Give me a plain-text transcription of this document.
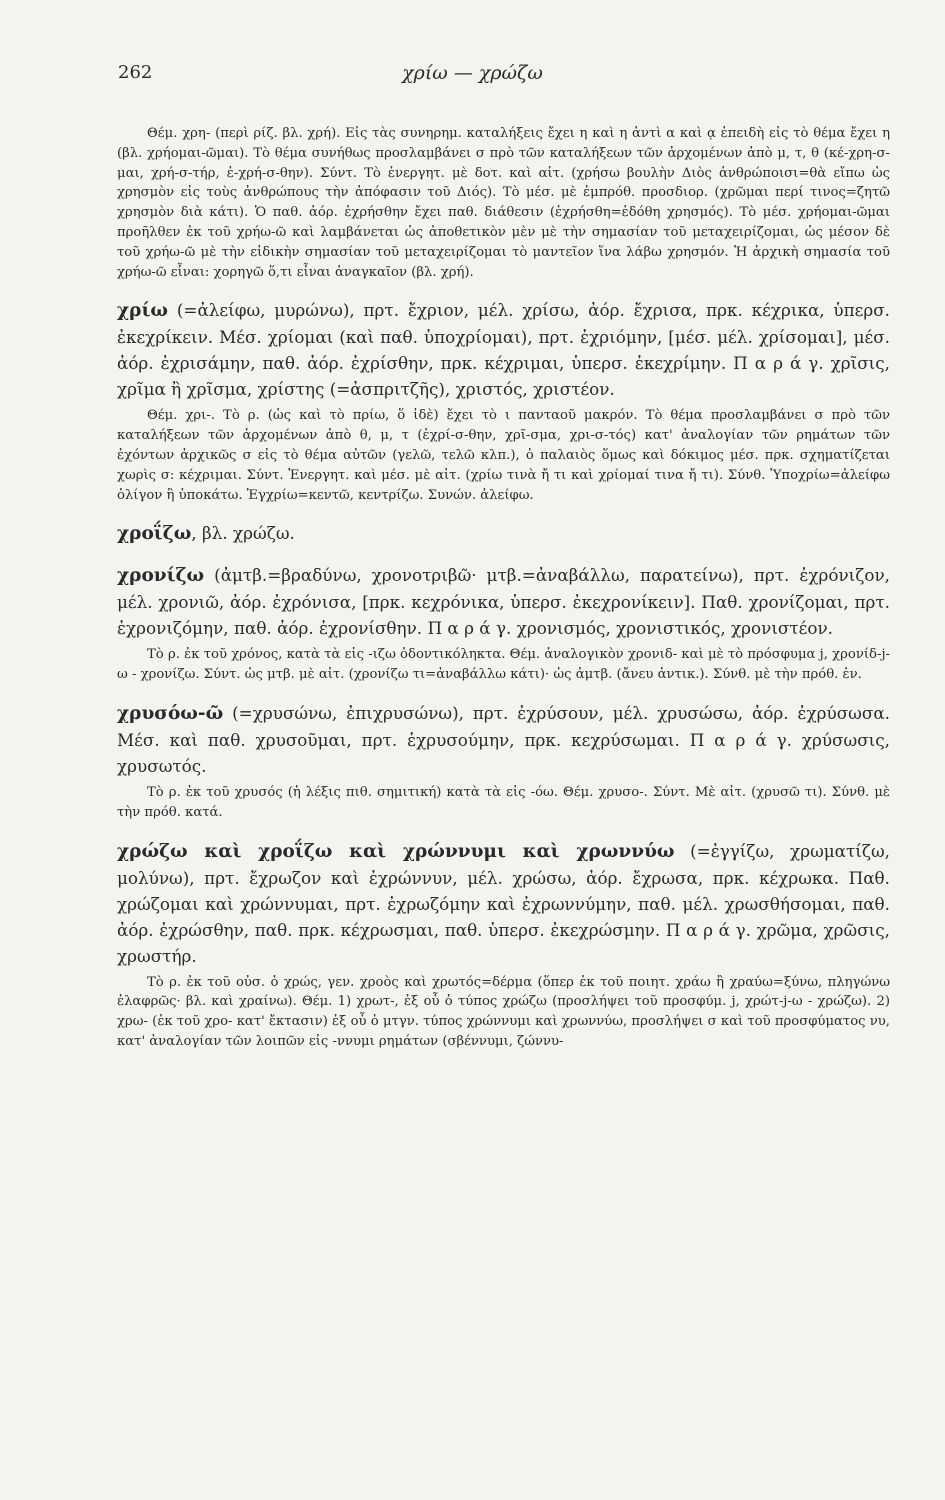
262	χρίω — χρώζω

Θέμ. χρη- (περὶ ρίζ. βλ. χρή). Εἰς τὰς συνηρημ. καταλήξεις ἔχει η καὶ η ἀντὶ α καὶ ᾳ ἐπειδὴ εἰς τὸ θέμα ἔχει η (βλ. χρήομαι-ῶμαι). Τὸ θέμα συνήθως προσλαμβάνει σ πρὸ τῶν καταλήξεων τῶν ἀρχομένων ἀπὸ μ, τ, θ (κέ-χρη-σ-μαι, χρή-σ-τήρ, ἐ-χρή-σ-θην). Σύντ. Τὸ ἐνεργητ. μὲ δοτ. καὶ αἰτ. (χρήσω βουλὴν Διὸς ἀνθρώποισι=θὰ εἴπω ὡς χρησμὸν εἰς τοὺς ἀνθρώπους τὴν ἀπόφασιν τοῦ Διός). Τὸ μέσ. μὲ ἐμπρόθ. προσδιορ. (χρῶμαι περί τινος=ζητῶ χρησμὸν διὰ κάτι). Ὁ παθ. ἀόρ. ἐχρήσθην ἔχει παθ. διάθεσιν (ἐχρήσθη=ἐδόθη χρησμός). Τὸ μέσ. χρήομαι-ῶμαι προῆλθεν ἐκ τοῦ χρήω-ῶ καὶ λαμβάνεται ὡς ἀποθετικὸν μὲν μὲ τὴν σημασίαν τοῦ μεταχειρίζομαι, ὡς μέσον δὲ τοῦ χρήω-ῶ μὲ τὴν εἰδικὴν σημασίαν τοῦ μεταχειρίζομαι τὸ μαντεῖον ἵνα λάβω χρησμόν. Ἡ ἀρχικὴ σημασία τοῦ χρήω-ῶ εἶναι: χορηγῶ ὅ,τι εἶναι ἀναγκαῖον (βλ. χρή).

χρίω (=ἀλείφω, μυρώνω), πρτ. ἔχριον, μέλ. χρίσω, ἀόρ. ἔχρισα, πρκ. κέχρικα, ὑπερσ. ἐκεχρίκειν. Μέσ. χρίομαι (καὶ παθ. ὑποχρίομαι), πρτ. ἐχριόμην, [μέσ. μέλ. χρίσομαι], μέσ. ἀόρ. ἐχρισάμην, παθ. ἀόρ. ἐχρίσθην, πρκ. κέχριμαι, ὑπερσ. ἐκεχρίμην. Π α ρ ά γ. χρῖσις, χρῖμα ἢ χρῖσμα, χρίστης (=ἀσπριτζῆς), χριστός, χριστέον.

Θέμ. χρι-. Τὸ ρ. (ὡς καὶ τὸ πρίω, ὅ ἰδὲ) ἔχει τὸ ι πανταοῦ μακρόν. Τὸ θέμα προσλαμβάνει σ πρὸ τῶν καταλήξεων τῶν ἀρχομένων ἀπὸ θ, μ, τ (ἐχρί-σ-θην, χρῖ-σμα, χρι-σ-τός) κατ' ἀναλογίαν τῶν ρημάτων τῶν ἐχόντων ἀρχικῶς σ εἰς τὸ θέμα αὐτῶν (γελῶ, τελῶ κλπ.), ὁ παλαιὸς ὅμως καὶ δόκιμος μέσ. πρκ. σχηματίζεται χωρὶς σ: κέχριμαι. Σύντ. Ἐνεργητ. καὶ μέσ. μὲ αἰτ. (χρίω τινὰ ἤ τι καὶ χρίομαί τινα ἤ τι). Σύνθ. Ὑποχρίω=ἀλείφω ὀλίγον ἢ ὑποκάτω. Ἐγχρίω=κεντῶ, κεντρίζω. Συνών. ἀλείφω.

χροΐζω, βλ. χρώζω.

χρονίζω (ἀμτβ.=βραδύνω, χρονοτριβῶ· μτβ.=ἀναβάλλω, παρατείνω), πρτ. ἐχρόνιζον, μέλ. χρονιῶ, ἀόρ. ἐχρόνισα, [πρκ. κεχρόνικα, ὑπερσ. ἐκεχρονίκειν]. Παθ. χρονίζομαι, πρτ. ἐχρονιζόμην, παθ. ἀόρ. ἐχρονίσθην. Π α ρ ά γ. χρονισμός, χρονιστικός, χρονιστέον.

Τὸ ρ. ἐκ τοῦ χρόνος, κατὰ τὰ εἰς -ιζω ὀδοντικόληκτα. Θέμ. ἀναλογικὸν χρονιδ- καὶ μὲ τὸ πρόσφυμα j, χρονίδ-j-ω - χρονίζω. Σύντ. ὡς μτβ. μὲ αἰτ. (χρονίζω τι=ἀναβάλλω κάτι)· ὡς ἀμτβ. (ἄνευ ἀντικ.). Σύνθ. μὲ τὴν πρόθ. ἐν.

χρυσόω-ῶ (=χρυσώνω, ἐπιχρυσώνω), πρτ. ἐχρύσουν, μέλ. χρυσώσω, ἀόρ. ἐχρύσωσα. Μέσ. καὶ παθ. χρυσοῦμαι, πρτ. ἐχρυσούμην, πρκ. κεχρύσωμαι. Π α ρ ά γ. χρύσωσις, χρυσωτός.

Τὸ ρ. ἐκ τοῦ χρυσός (ἡ λέξις πιθ. σημιτική) κατὰ τὰ εἰς -όω. Θέμ. χρυσο-. Σύντ. Μὲ αἰτ. (χρυσῶ τι). Σύνθ. μὲ τὴν πρόθ. κατά.

χρώζω καὶ χροΐζω καὶ χρώννυμι καὶ χρωννύω (=ἐγγίζω, χρωματίζω, μολύνω), πρτ. ἔχρωζον καὶ ἐχρώννυν, μέλ. χρώσω, ἀόρ. ἔχρωσα, πρκ. κέχρωκα. Παθ. χρώζομαι καὶ χρώννυμαι, πρτ. ἐχρωζόμην καὶ ἐχρωννύμην, παθ. μέλ. χρωσθήσομαι, παθ. ἀόρ. ἐχρώσθην, παθ. πρκ. κέχρωσμαι, παθ. ὑπερσ. ἐκεχρώσμην. Π α ρ ά γ. χρῶμα, χρῶσις, χρωστήρ.

Τὸ ρ. ἐκ τοῦ οὐσ. ὁ χρώς, γεν. χροὸς καὶ χρωτός=δέρμα (ὅπερ ἐκ τοῦ ποιητ. χράω ἢ χραύω=ξύνω, πληγώνω ἐλαφρῶς· βλ. καὶ χραίνω). Θέμ. 1) χρωτ-, ἐξ οὗ ὁ τύπος χρώζω (προσλήψει τοῦ προσφύμ. j, χρώτ-j-ω - χρώζω). 2) χρω- (ἐκ τοῦ χρο- κατ' ἔκτασιν) ἐξ οὗ ὁ μτγν. τύπος χρώννυμι καὶ χρωννύω, προσλήψει σ καὶ τοῦ προσφύματος νυ, κατ' ἀναλογίαν τῶν λοιπῶν εἰς -ννυμι ρημάτων (σβέννυμι, ζώννυ-
